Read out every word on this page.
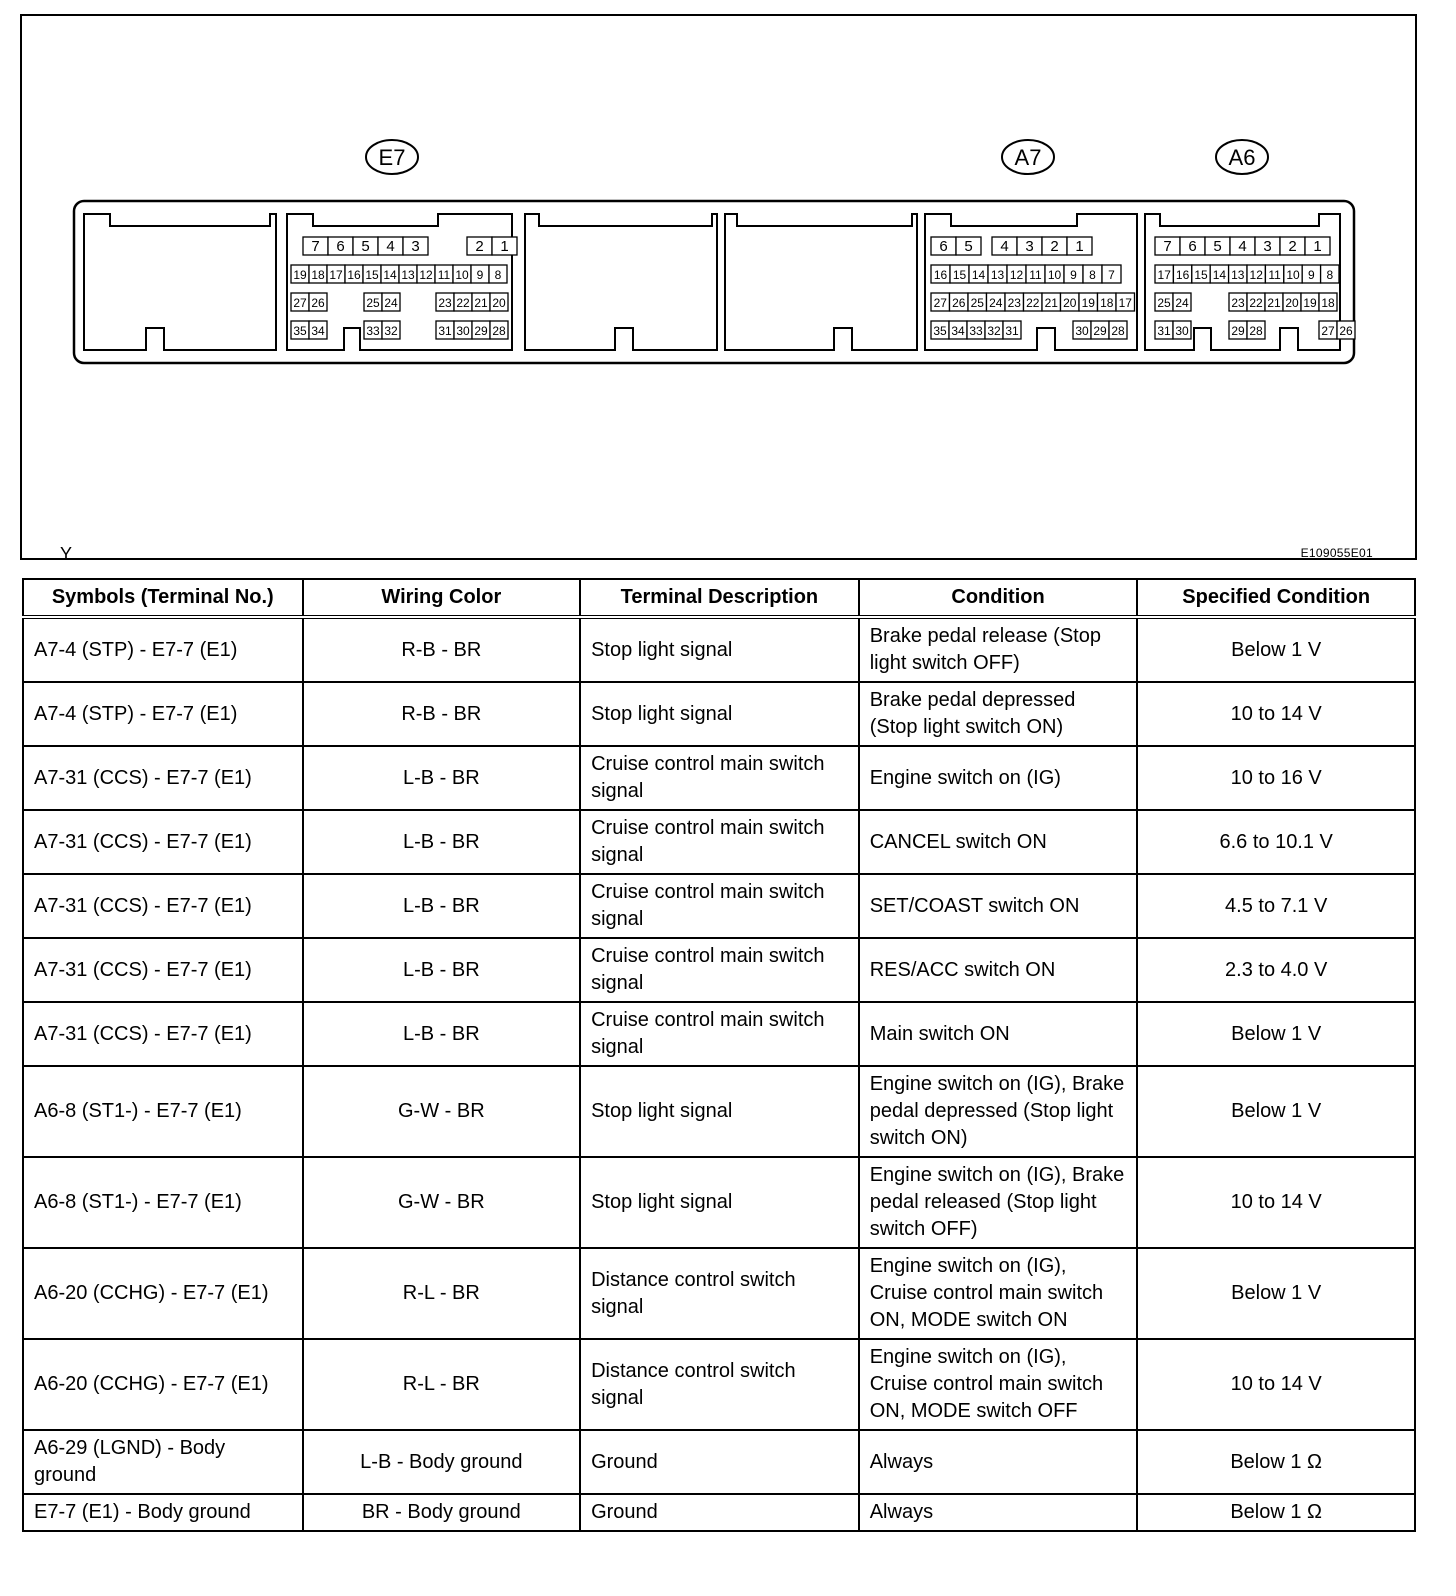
E7	A7	A6
7 6 5 4 3	2 1
19 18 17 16 15 14 13 12 11 10 9 8
27 26	25 24	23 22 21 20
35 34	33 32	31 30 29 28
6 5 4 3 2 1
16 15 14 13 12 11 10 9 8 7
27 26 25 24 23 22 21 20 19 18 17
35 34 33 32 31	30 29 28
7 6 5 4 3 2 1
17 16 15 14 13 12 11 10 9 8
25 24	23 22 21 20 19 18
31 30	29 28	27 26
Y	E109055E01
Symbols (Terminal No.)	Wiring Color	Terminal Description	Condition	Specified Condition
A7-4 (STP) - E7-7 (E1)	R-B - BR	Stop light signal	Brake pedal release (Stop light switch OFF)	Below 1 V
A7-4 (STP) - E7-7 (E1)	R-B - BR	Stop light signal	Brake pedal depressed (Stop light switch ON)	10 to 14 V
A7-31 (CCS) - E7-7 (E1)	L-B - BR	Cruise control main switch signal	Engine switch on (IG)	10 to 16 V
A7-31 (CCS) - E7-7 (E1)	L-B - BR	Cruise control main switch signal	CANCEL switch ON	6.6 to 10.1 V
A7-31 (CCS) - E7-7 (E1)	L-B - BR	Cruise control main switch signal	SET/COAST switch ON	4.5 to 7.1 V
A7-31 (CCS) - E7-7 (E1)	L-B - BR	Cruise control main switch signal	RES/ACC switch ON	2.3 to 4.0 V
A7-31 (CCS) - E7-7 (E1)	L-B - BR	Cruise control main switch signal	Main switch ON	Below 1 V
A6-8 (ST1-) - E7-7 (E1)	G-W - BR	Stop light signal	Engine switch on (IG), Brake pedal depressed (Stop light switch ON)	Below 1 V
A6-8 (ST1-) - E7-7 (E1)	G-W - BR	Stop light signal	Engine switch on (IG), Brake pedal released (Stop light switch OFF)	10 to 14 V
A6-20 (CCHG) - E7-7 (E1)	R-L - BR	Distance control switch signal	Engine switch on (IG), Cruise control main switch ON, MODE switch ON	Below 1 V
A6-20 (CCHG) - E7-7 (E1)	R-L - BR	Distance control switch signal	Engine switch on (IG), Cruise control main switch ON, MODE switch OFF	10 to 14 V
A6-29 (LGND) - Body ground	L-B - Body ground	Ground	Always	Below 1 Ω
E7-7 (E1) - Body ground	BR - Body ground	Ground	Always	Below 1 Ω
